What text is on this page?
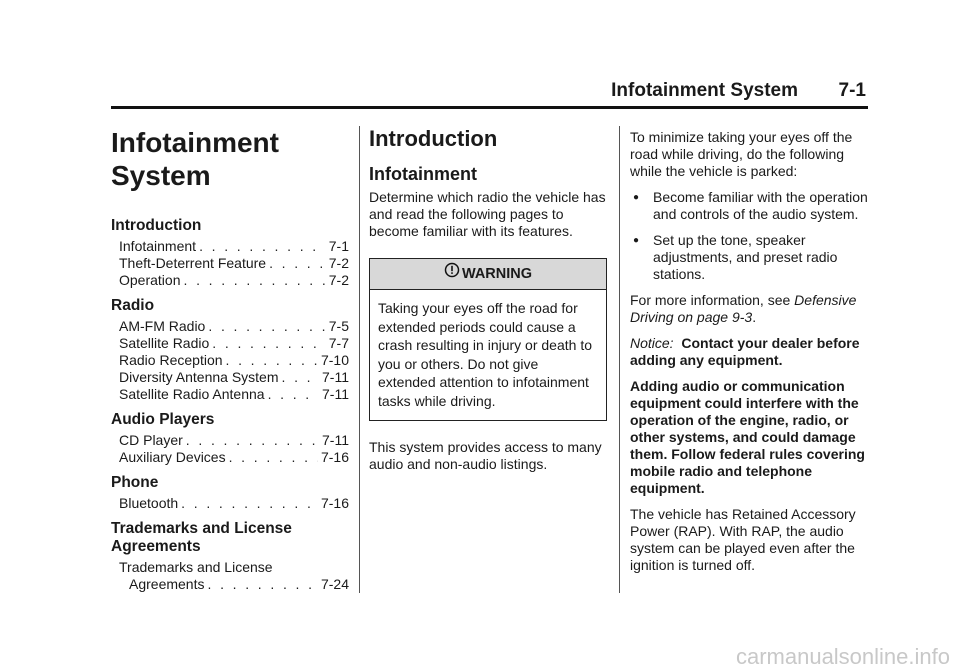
Infotainment System 7-1
Infotainment
System
Introduction
Infotainment . . .	7-1
Theft-Deterrent Feature . . .	7-2
Operation . . .	7-2
Radio
AM-FM Radio . . .	7-5
Satellite Radio . . .	7-7
Radio Reception . . .	7-10
Diversity Antenna System . . .	7-11
Satellite Radio Antenna . . .	7-11
Audio Players
CD Player . . .	7-11
Auxiliary Devices . . .	7-16
Phone
Bluetooth . . .	7-16
Trademarks and License
Agreements
Trademarks and License
Agreements . . .	7-24
Introduction
Infotainment

Determine which radio the vehicle has and read the following pages to become familiar with its features.

WARNING
Taking your eyes off the road for extended periods could cause a crash resulting in injury or death to you or others. Do not give extended attention to infotainment tasks while driving.

This system provides access to many audio and non-audio listings.

To minimize taking your eyes off the road while driving, do the following while the vehicle is parked:

● Become familiar with the operation and controls of the audio system.
● Set up the tone, speaker adjustments, and preset radio stations.

For more information, see Defensive Driving on page 9-3.

Notice: Contact your dealer before adding any equipment.

Adding audio or communication equipment could interfere with the operation of the engine, radio, or other systems, and could damage them. Follow federal rules covering mobile radio and telephone equipment.

The vehicle has Retained Accessory Power (RAP). With RAP, the audio system can be played even after the ignition is turned off.

carmanualsonline.info
